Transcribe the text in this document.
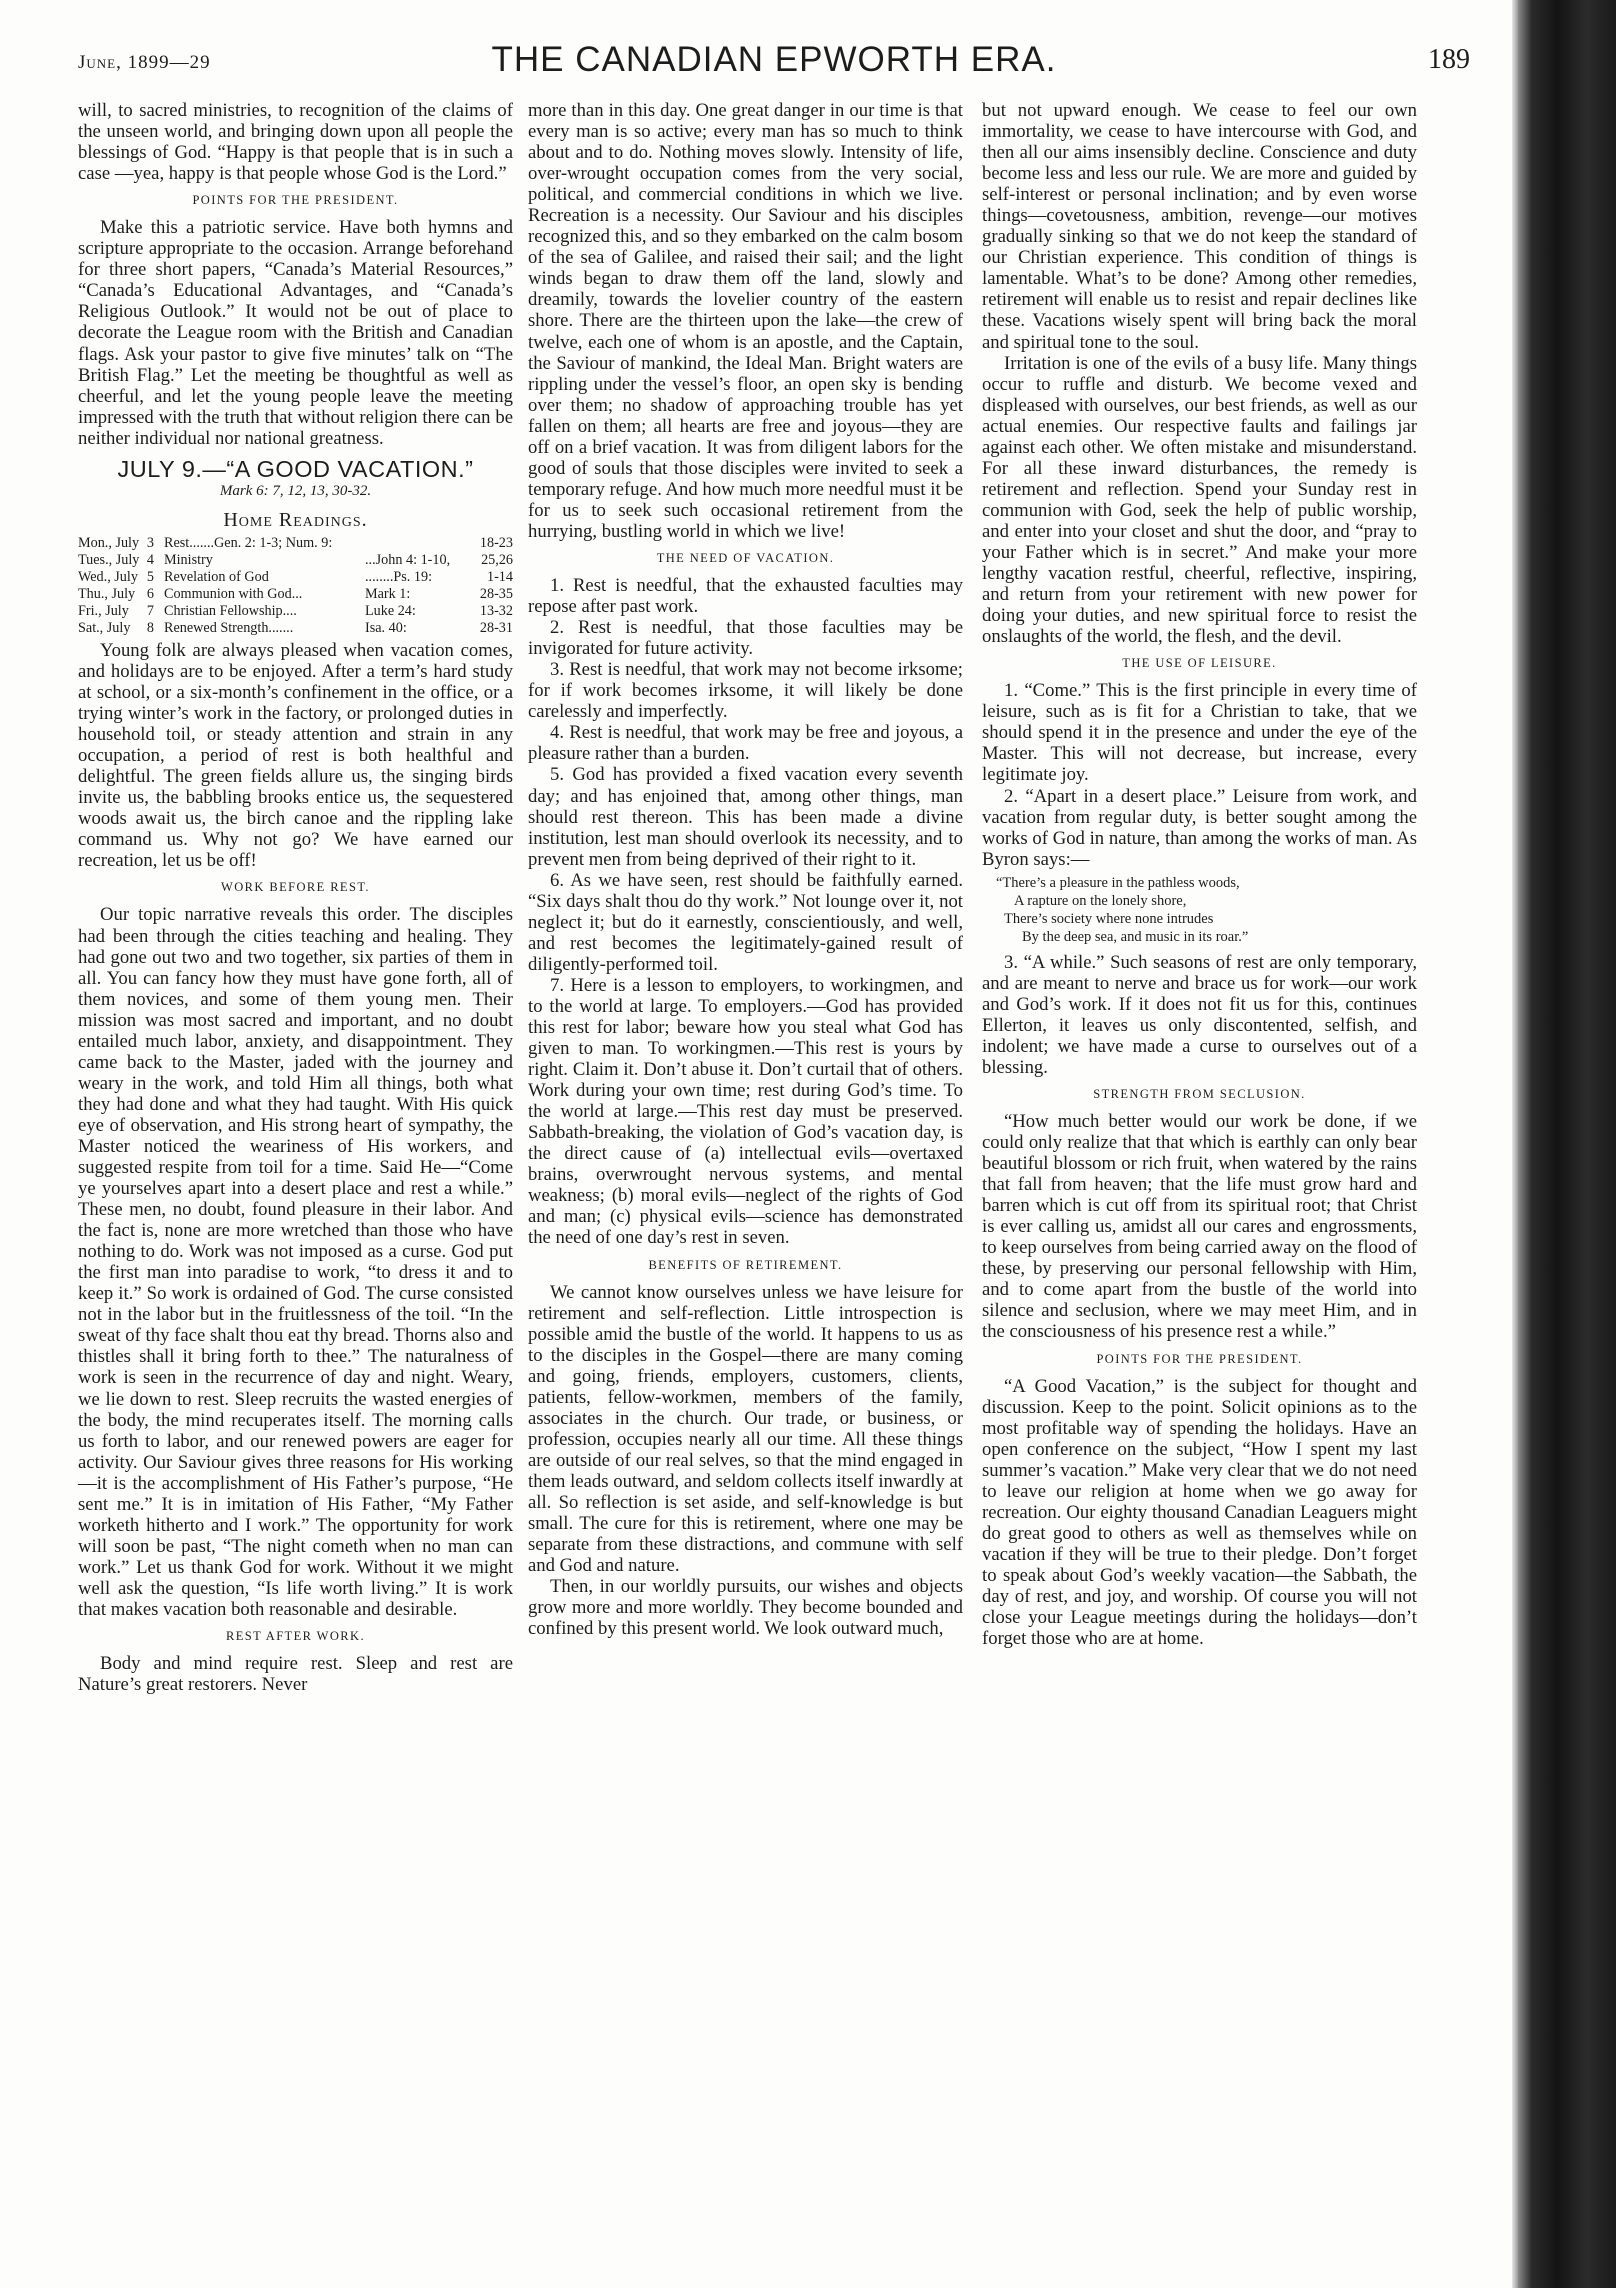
June, 1899—29	THE CANADIAN EPWORTH ERA.	189

will, to sacred ministries, to recognition of the claims of the unseen world, and bringing down upon all people the blessings of God. “Happy is that people that is in such a case —yea, happy is that people whose God is the Lord.”

POINTS FOR THE PRESIDENT.

Make this a patriotic service. Have both hymns and scripture appropriate to the occasion. Arrange beforehand for three short papers, “Canada’s Material Resources,” “Canada’s Educational Advantages, and “Canada’s Religious Outlook.” It would not be out of place to decorate the League room with the British and Canadian flags. Ask your pastor to give five minutes’ talk on “The British Flag.” Let the meeting be thoughtful as well as cheerful, and let the young people leave the meeting impressed with the truth that without religion there can be neither individual nor national greatness.

JULY 9.—“A GOOD VACATION.”
Mark 6: 7, 12, 13, 30-32.
Home Readings.
Mon., July 3 Rest.......Gen. 2: 1-3; Num. 9:	18-23
Tues., July 4 Ministry	...John 4: 1-10,	25,26
Wed., July 5 Revelation of God	........Ps. 19:	1-14
Thu., July 6 Communion with God...	Mark 1:	28-35
Fri., July	7 Christian Fellowship....	Luke 24:	13-32
Sat., July	8 Renewed Strength.......	Isa. 40:	28-31

Young folk are always pleased when vacation comes, and holidays are to be enjoyed. After a term’s hard study at school, or a six-month’s confinement in the office, or a trying winter’s work in the factory, or prolonged duties in household toil, or steady attention and strain in any occupation, a period of rest is both healthful and delightful. The green fields allure us, the singing birds invite us, the babbling brooks entice us, the sequestered woods await us, the birch canoe and the rippling lake command us. Why not go? We have earned our recreation, let us be off!

WORK BEFORE REST.

Our topic narrative reveals this order. The disciples had been through the cities teaching and healing. They had gone out two and two together, six parties of them in all. You can fancy how they must have gone forth, all of them novices, and some of them young men. Their mission was most sacred and important, and no doubt entailed much labor, anxiety, and disappointment. They came back to the Master, jaded with the journey and weary in the work, and told Him all things, both what they had done and what they had taught. With His quick eye of observation, and His strong heart of sympathy, the Master noticed the weariness of His workers, and suggested respite from toil for a time. Said He—“Come ye yourselves apart into a desert place and rest a while.” These men, no doubt, found pleasure in their labor. And the fact is, none are more wretched than those who have nothing to do. Work was not imposed as a curse. God put the first man into paradise to work, “to dress it and to keep it.” So work is ordained of God. The curse consisted not in the labor but in the fruitlessness of the toil. “In the sweat of thy face shalt thou eat thy bread. Thorns also and thistles shall it bring forth to thee.” The naturalness of work is seen in the recurrence of day and night. Weary, we lie down to rest. Sleep recruits the wasted energies of the body, the mind recuperates itself. The morning calls us forth to labor, and our renewed powers are eager for activity. Our Saviour gives three reasons for His working—it is the accomplishment of His Father’s purpose, “He sent me.” It is in imitation of His Father, “My Father worketh hitherto and I work.” The opportunity for work will soon be past, “The night cometh when no man can work.” Let us thank God for work. Without it we might well ask the question, “Is life worth living.” It is work that makes vacation both reasonable and desirable.

REST AFTER WORK.

Body and mind require rest. Sleep and rest are Nature’s great restorers. Never

more than in this day. One great danger in our time is that every man is so active; every man has so much to think about and to do. Nothing moves slowly. Intensity of life, over-wrought occupation comes from the very social, political, and commercial conditions in which we live. Recreation is a necessity. Our Saviour and his disciples recognized this, and so they embarked on the calm bosom of the sea of Galilee, and raised their sail; and the light winds began to draw them off the land, slowly and dreamily, towards the lovelier country of the eastern shore. There are the thirteen upon the lake—the crew of twelve, each one of whom is an apostle, and the Captain, the Saviour of mankind, the Ideal Man. Bright waters are rippling under the vessel’s floor, an open sky is bending over them; no shadow of approaching trouble has yet fallen on them; all hearts are free and joyous—they are off on a brief vacation. It was from diligent labors for the good of souls that those disciples were invited to seek a temporary refuge. And how much more needful must it be for us to seek such occasional retirement from the hurrying, bustling world in which we live!

THE NEED OF VACATION.

1. Rest is needful, that the exhausted faculties may repose after past work.

2. Rest is needful, that those faculties may be invigorated for future activity.

3. Rest is needful, that work may not become irksome; for if work becomes irksome, it will likely be done carelessly and imperfectly.

4. Rest is needful, that work may be free and joyous, a pleasure rather than a burden.

5. God has provided a fixed vacation every seventh day; and has enjoined that, among other things, man should rest thereon. This has been made a divine institution, lest man should overlook its necessity, and to prevent men from being deprived of their right to it.

6. As we have seen, rest should be faithfully earned. “Six days shalt thou do thy work.” Not lounge over it, not neglect it; but do it earnestly, conscientiously, and well, and rest becomes the legitimately-gained result of diligently-performed toil.

7. Here is a lesson to employers, to workingmen, and to the world at large. To employers.—God has provided this rest for labor; beware how you steal what God has given to man. To workingmen.—This rest is yours by right. Claim it. Don’t abuse it. Don’t curtail that of others. Work during your own time; rest during God’s time. To the world at large.—This rest day must be preserved. Sabbath-breaking, the violation of God’s vacation day, is the direct cause of (a) intellectual evils—overtaxed brains, overwrought nervous systems, and mental weakness; (b) moral evils—neglect of the rights of God and man; (c) physical evils—science has demonstrated the need of one day’s rest in seven.

BENEFITS OF RETIREMENT.

We cannot know ourselves unless we have leisure for retirement and self-reflection. Little introspection is possible amid the bustle of the world. It happens to us as to the disciples in the Gospel—there are many coming and going, friends, employers, customers, clients, patients, fellow-workmen, members of the family, associates in the church. Our trade, or business, or profession, occupies nearly all our time. All these things are outside of our real selves, so that the mind engaged in them leads outward, and seldom collects itself inwardly at all. So reflection is set aside, and self-knowledge is but small. The cure for this is retirement, where one may be separate from these distractions, and commune with self and God and nature.

Then, in our worldly pursuits, our wishes and objects grow more and more worldly. They become bounded and confined by this present world. We look outward much,

but not upward enough. We cease to feel our own immortality, we cease to have intercourse with God, and then all our aims insensibly decline. Conscience and duty become less and less our rule. We are more and guided by self-interest or personal inclination; and by even worse things—covetousness, ambition, revenge—our motives gradually sinking so that we do not keep the standard of our Christian experience. This condition of things is lamentable. What’s to be done? Among other remedies, retirement will enable us to resist and repair declines like these. Vacations wisely spent will bring back the moral and spiritual tone to the soul.

Irritation is one of the evils of a busy life. Many things occur to ruffle and disturb. We become vexed and displeased with ourselves, our best friends, as well as our actual enemies. Our respective faults and failings jar against each other. We often mistake and misunderstand. For all these inward disturbances, the remedy is retirement and reflection. Spend your Sunday rest in communion with God, seek the help of public worship, and enter into your closet and shut the door, and “pray to your Father which is in secret.” And make your more lengthy vacation restful, cheerful, reflective, inspiring, and return from your retirement with new power for doing your duties, and new spiritual force to resist the onslaughts of the world, the flesh, and the devil.

THE USE OF LEISURE.

1. “Come.” This is the first principle in every time of leisure, such as is fit for a Christian to take, that we should spend it in the presence and under the eye of the Master. This will not decrease, but increase, every legitimate joy.

2. “Apart in a desert place.” Leisure from work, and vacation from regular duty, is better sought among the works of God in nature, than among the works of man. As Byron says:—

“There’s a pleasure in the pathless woods,
A rapture on the lonely shore,
There’s society where none intrudes
By the deep sea, and music in its roar.”

3. “A while.” Such seasons of rest are only temporary, and are meant to nerve and brace us for work—our work and God’s work. If it does not fit us for this, continues Ellerton, it leaves us only discontented, selfish, and indolent; we have made a curse to ourselves out of a blessing.

STRENGTH FROM SECLUSION.

“How much better would our work be done, if we could only realize that that which is earthly can only bear beautiful blossom or rich fruit, when watered by the rains that fall from heaven; that the life must grow hard and barren which is cut off from its spiritual root; that Christ is ever calling us, amidst all our cares and engrossments, to keep ourselves from being carried away on the flood of these, by preserving our personal fellowship with Him, and to come apart from the bustle of the world into silence and seclusion, where we may meet Him, and in the consciousness of his presence rest a while.”

POINTS FOR THE PRESIDENT.

“A Good Vacation,” is the subject for thought and discussion. Keep to the point. Solicit opinions as to the most profitable way of spending the holidays. Have an open conference on the subject, “How I spent my last summer’s vacation.” Make very clear that we do not need to leave our religion at home when we go away for recreation. Our eighty thousand Canadian Leaguers might do great good to others as well as themselves while on vacation if they will be true to their pledge. Don’t forget to speak about God’s weekly vacation—the Sabbath, the day of rest, and joy, and worship. Of course you will not close your League meetings during the holidays—don’t forget those who are at home.
